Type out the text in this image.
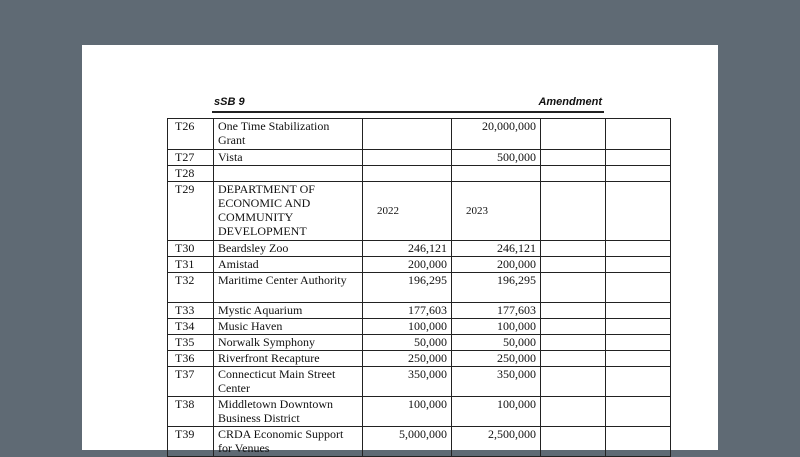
sSB 9	Amendment
T26	One Time Stabilization Grant		20,000,000		
T27	Vista		500,000		
T28					
T29	DEPARTMENT OF ECONOMIC AND COMMUNITY DEVELOPMENT	2022	2023		
T30	Beardsley Zoo	246,121	246,121		
T31	Amistad	200,000	200,000		
T32	Maritime Center Authority	196,295	196,295		
T33	Mystic Aquarium	177,603	177,603		
T34	Music Haven	100,000	100,000		
T35	Norwalk Symphony	50,000	50,000		
T36	Riverfront Recapture	250,000	250,000		
T37	Connecticut Main Street Center	350,000	350,000		
T38	Middletown Downtown Business District	100,000	100,000		
T39	CRDA Economic Support for Venues	5,000,000	2,500,000		
